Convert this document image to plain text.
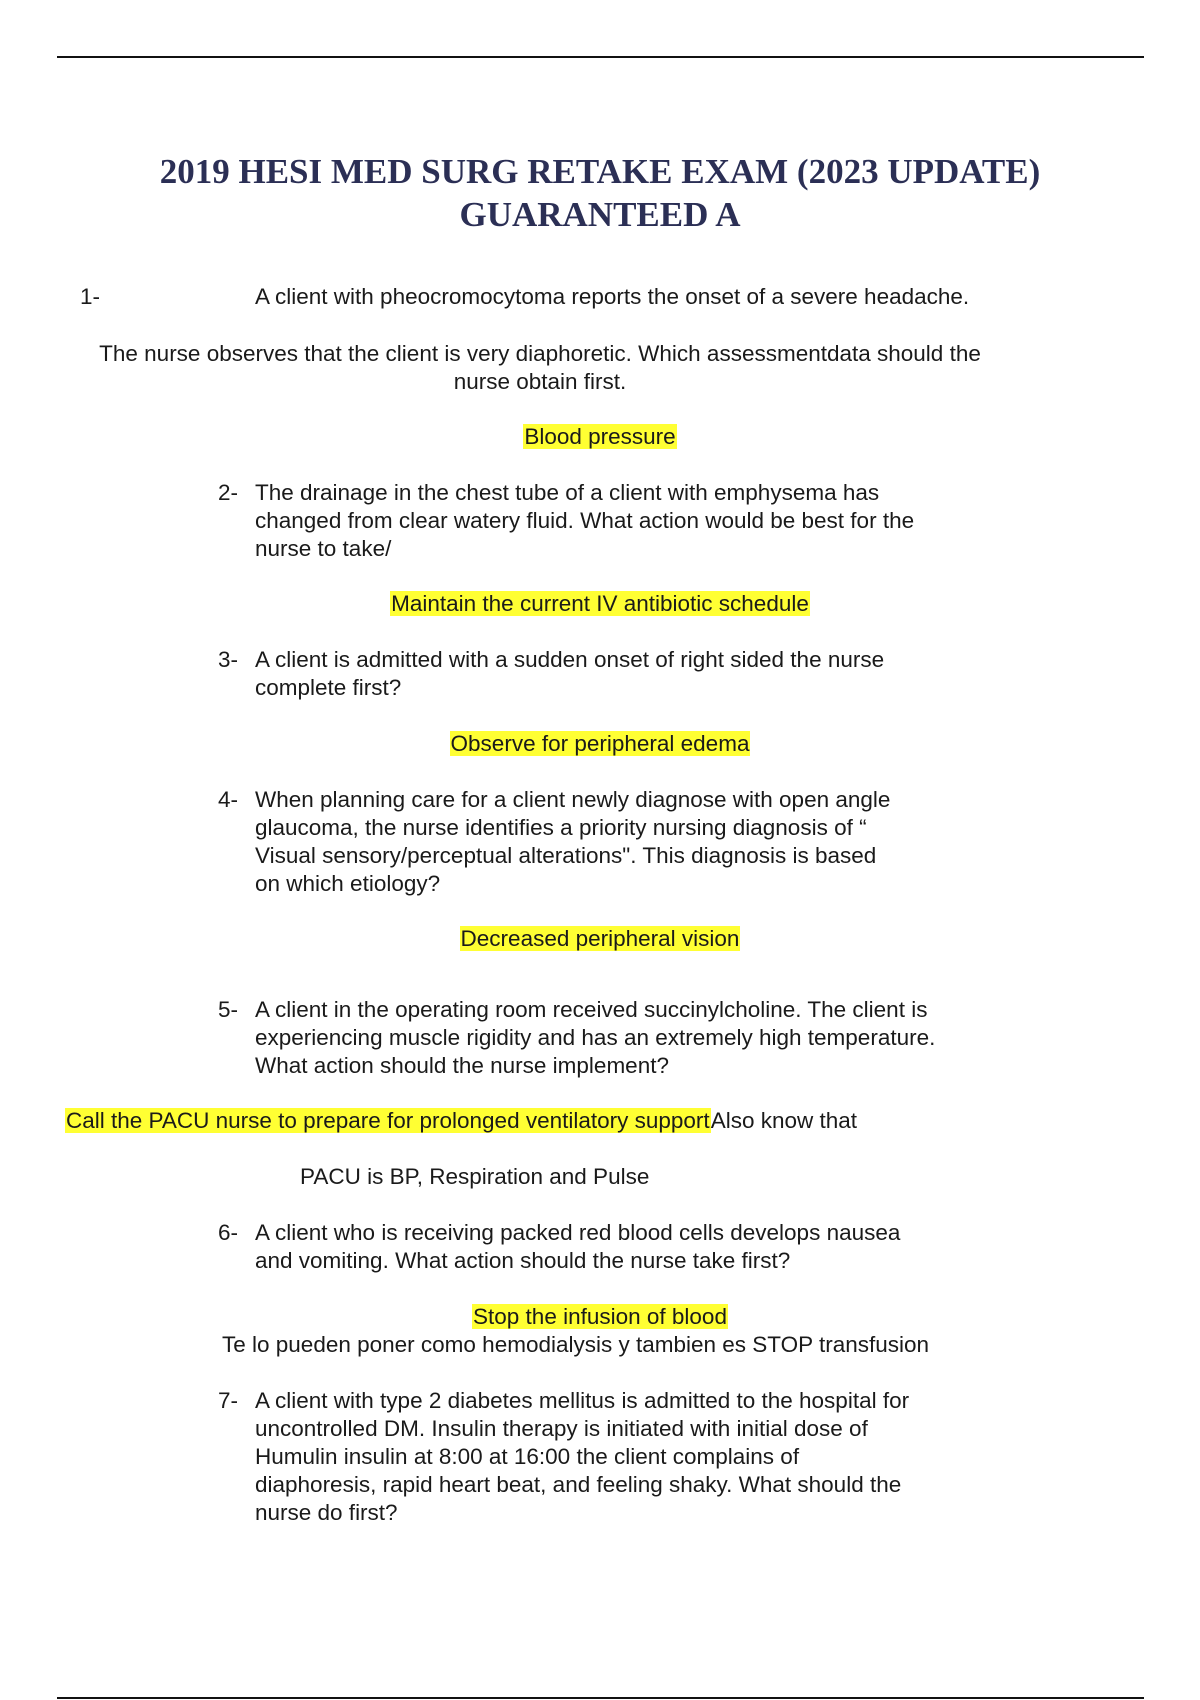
2019 HESI MED SURG RETAKE EXAM (2023 UPDATE)
GUARANTEED A
1-	A client with pheocromocytoma reports the onset of a severe headache.
The nurse observes that the client is very diaphoretic. Which assessmentdata should the
nurse obtain first.
Blood pressure
2- The drainage in the chest tube of a client with emphysema has
changed from clear watery fluid. What action would be best for the
nurse to take/
Maintain the current IV antibiotic schedule
3- A client is admitted with a sudden onset of right sided the nurse
complete first?
Observe for peripheral edema
4- When planning care for a client newly diagnose with open angle
glaucoma, the nurse identifies a priority nursing diagnosis of “
Visual sensory/perceptual alterations". This diagnosis is based
on which etiology?
Decreased peripheral vision
5- A client in the operating room received succinylcholine. The client is
experiencing muscle rigidity and has an extremely high temperature.
What action should the nurse implement?
Call the PACU nurse to prepare for prolonged ventilatory supportAlso know that
PACU is BP, Respiration and Pulse
6- A client who is receiving packed red blood cells develops nausea
and vomiting. What action should the nurse take first?
Stop the infusion of blood
Te lo pueden poner como hemodialysis y tambien es STOP transfusion
7- A client with type 2 diabetes mellitus is admitted to the hospital for
uncontrolled DM. Insulin therapy is initiated with initial dose of
Humulin insulin at 8:00 at 16:00 the client complains of
diaphoresis, rapid heart beat, and feeling shaky. What should the
nurse do first?
